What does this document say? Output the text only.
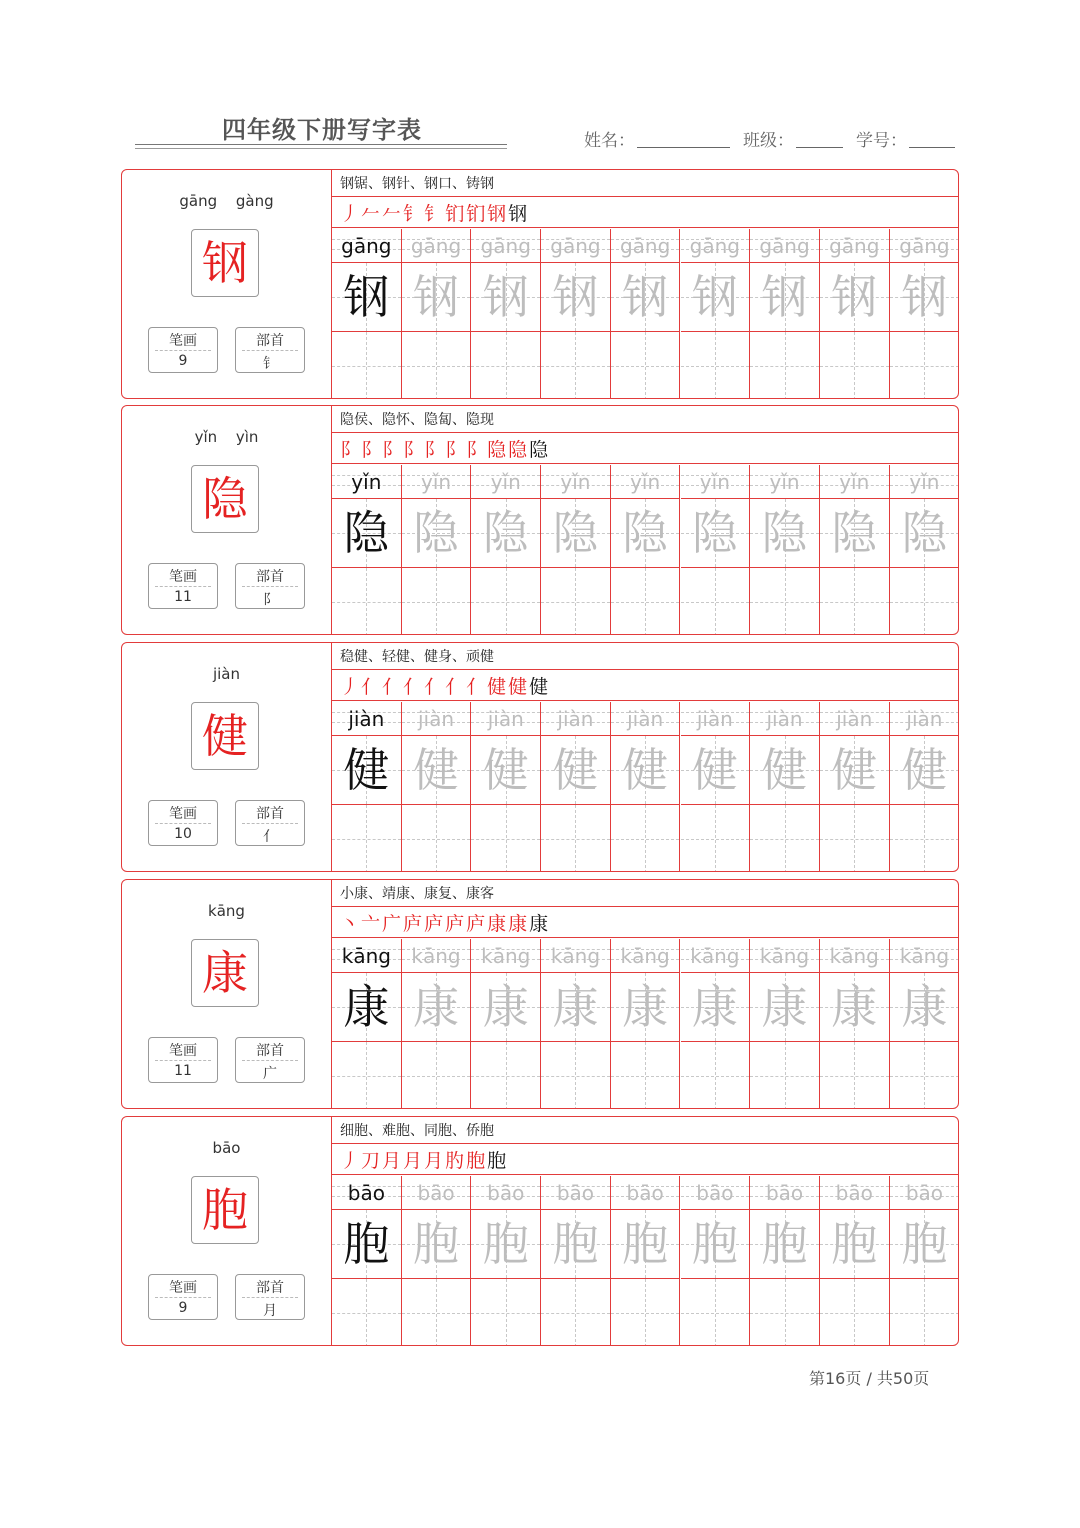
四年级下册写字表	姓名：	班级：	学号：
gāng gàng
钢
笔画
9
部首
钅
钢锯、钢针、钢口、铸钢
丿𠂉𠂉钅钅钔钔钢钢
gāng
钢
gāng
钢
gāng
钢
gāng
钢
gāng
钢
gāng
钢
gāng
钢
gāng
钢
gāng
钢
yǐn yìn
隐
笔画
11
部首
阝
隐侯、隐怀、隐匐、隐现
阝阝阝阝阝阝阝隐隐隐
yǐn
隐
yǐn
隐
yǐn
隐
yǐn
隐
yǐn
隐
yǐn
隐
yǐn
隐
yǐn
隐
yǐn
隐
jiàn
健
笔画
10
部首
亻
稳健、轻健、健身、顽健
丿亻亻亻亻亻亻健健健
jiàn
健
jiàn
健
jiàn
健
jiàn
健
jiàn
健
jiàn
健
jiàn
健
jiàn
健
jiàn
健
kāng
康
笔画
11
部首
广
小康、靖康、康复、康客
丶亠广庐庐庐庐康康康
kāng
康
kāng
康
kāng
康
kāng
康
kāng
康
kāng
康
kāng
康
kāng
康
kāng
康
bāo
胞
笔画
9
部首
月
细胞、难胞、同胞、侨胞
丿刀月月月肑胞胞
bāo
胞
bāo
胞
bāo
胞
bāo
胞
bāo
胞
bāo
胞
bāo
胞
bāo
胞
bāo
胞
第16页 / 共50页
